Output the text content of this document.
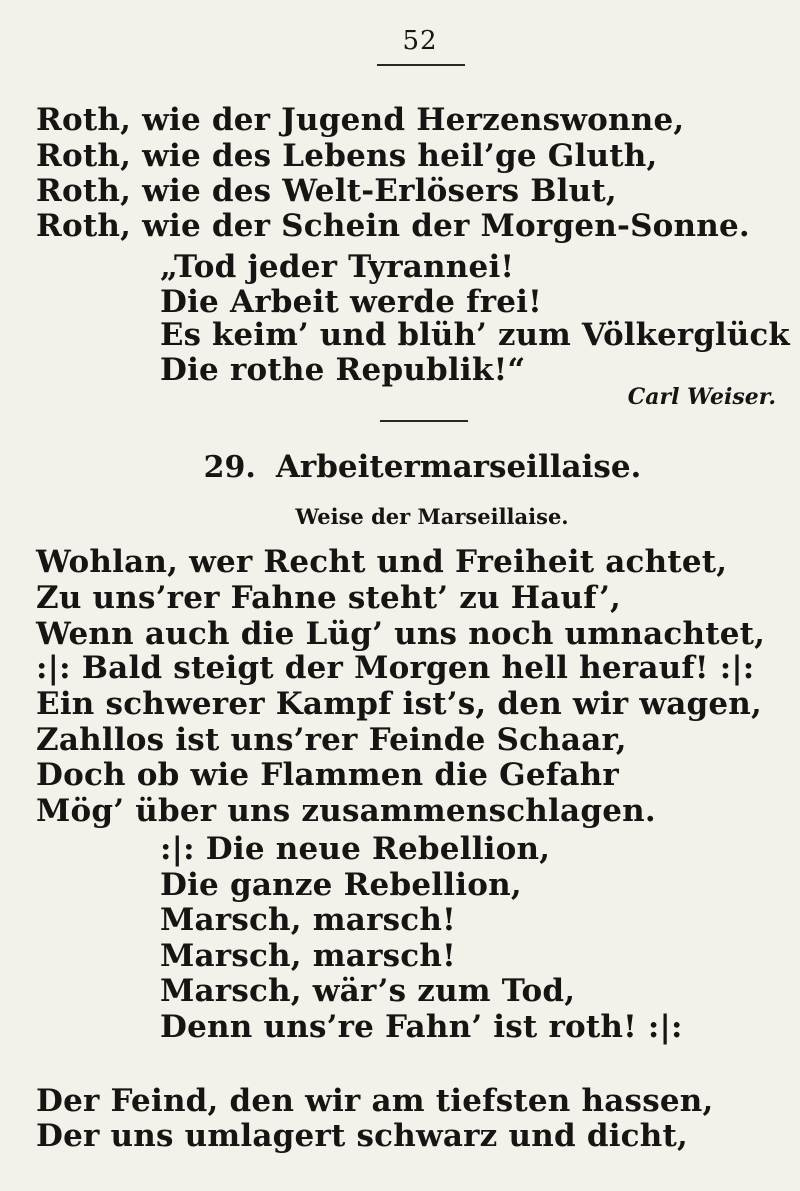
52
Roth, wie der Jugend Herzenswonne,
Roth, wie des Lebens heil’ge Gluth,
Roth, wie des Welt-Erlösers Blut,
Roth, wie der Schein der Morgen-Sonne.
„Tod jeder Tyrannei!
Die Arbeit werde frei!
Es keim’ und blüh’ zum Völkerglück
Die rothe Republik!“
Carl Weiser.
29. Arbeitermarseillaise.
Weise der Marseillaise.
Wohlan, wer Recht und Freiheit achtet,
Zu uns’rer Fahne steht’ zu Hauf’,
Wenn auch die Lüg’ uns noch umnachtet,
:|: Bald steigt der Morgen hell herauf! :|:
Ein schwerer Kampf ist’s, den wir wagen,
Zahllos ist uns’rer Feinde Schaar,
Doch ob wie Flammen die Gefahr
Mög’ über uns zusammenschlagen.
:|: Die neue Rebellion,
Die ganze Rebellion,
Marsch, marsch!
Marsch, marsch!
Marsch, wär’s zum Tod,
Denn uns’re Fahn’ ist roth! :|:
Der Feind, den wir am tiefsten hassen,
Der uns umlagert schwarz und dicht,
